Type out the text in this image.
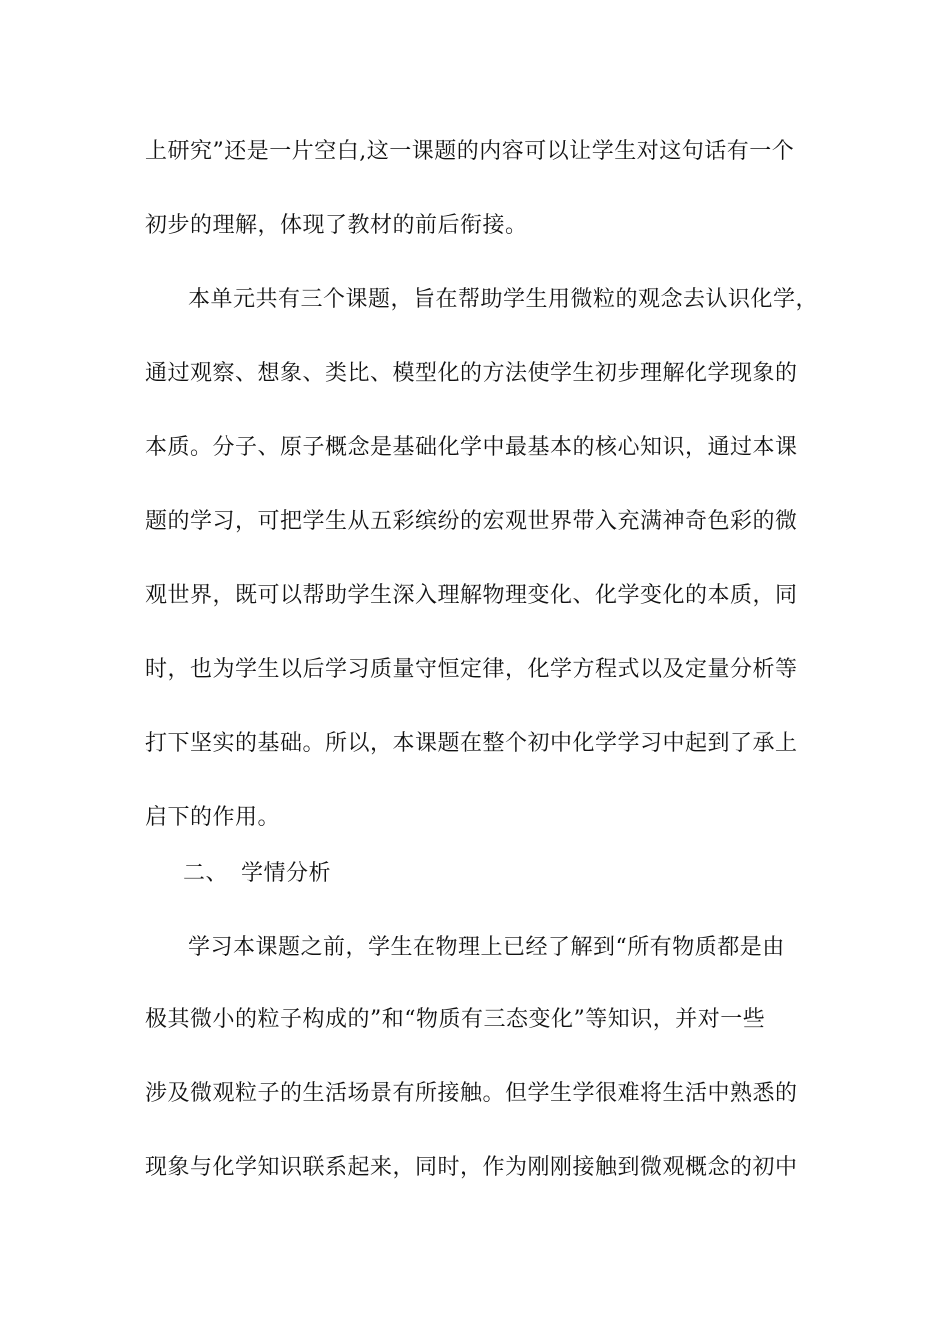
上研究”还是一片空白,这一课题的内容可以让学生对这句话有一个
初步的理解，体现了教材的前后衔接。
本单元共有三个课题，旨在帮助学生用微粒的观念去认识化学，
通过观察、想象、类比、模型化的方法使学生初步理解化学现象的
本质。分子、原子概念是基础化学中最基本的核心知识，通过本课
题的学习，可把学生从五彩缤纷的宏观世界带入充满神奇色彩的微
观世界，既可以帮助学生深入理解物理变化、化学变化的本质，同
时，也为学生以后学习质量守恒定律，化学方程式以及定量分析等
打下坚实的基础。所以，本课题在整个初中化学学习中起到了承上
启下的作用。
二、 学情分析
学习本课题之前，学生在物理上已经了解到“所有物质都是由
极其微小的粒子构成的”和“物质有三态变化”等知识，并对一些
涉及微观粒子的生活场景有所接触。但学生学很难将生活中熟悉的
现象与化学知识联系起来，同时，作为刚刚接触到微观概念的初中
